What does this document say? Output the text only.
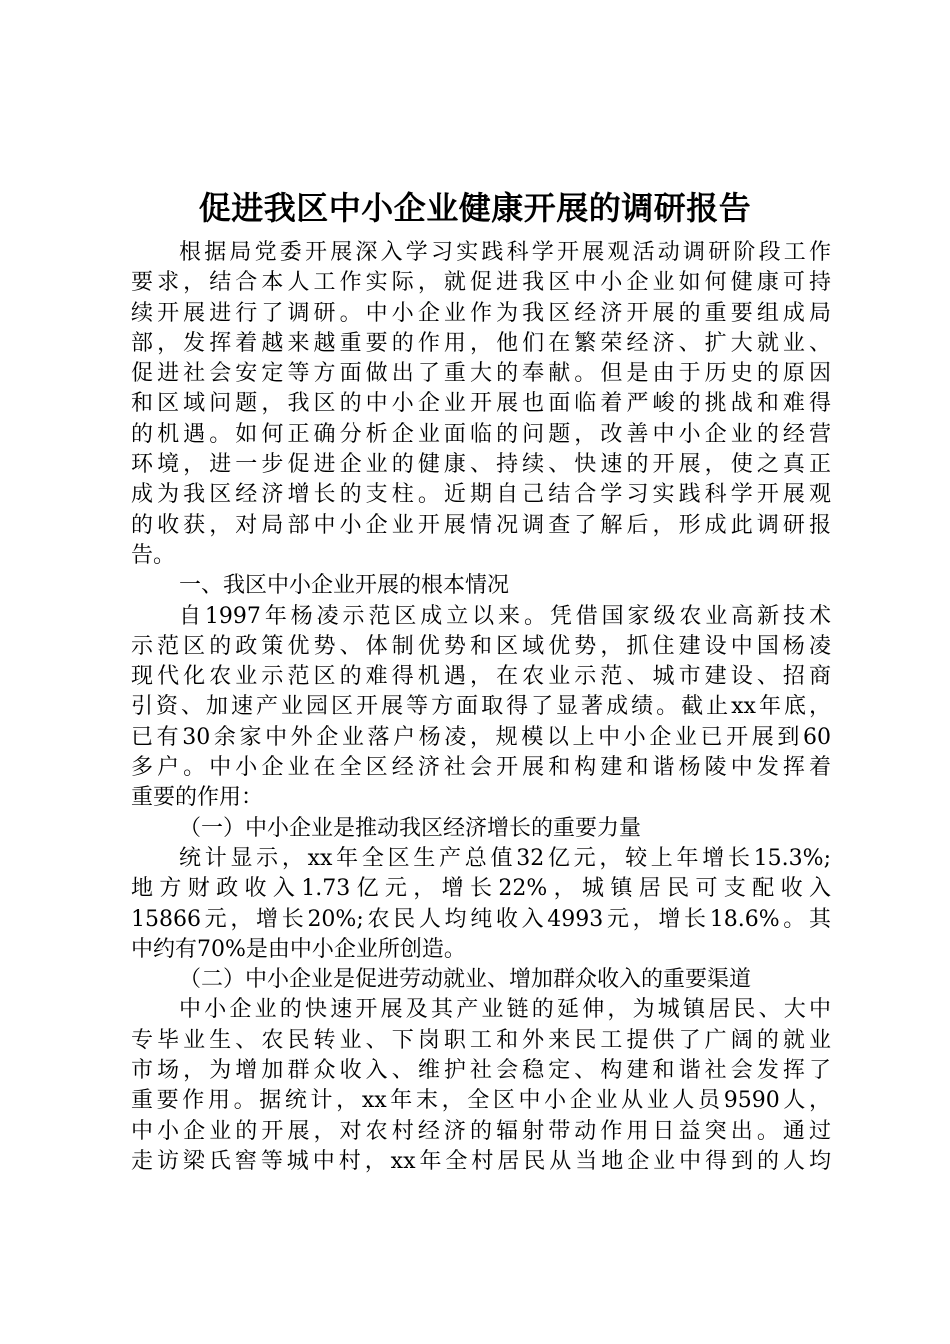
促进我区中小企业健康开展的调研报告
根据局党委开展深入学习实践科学开展观活动调研阶段工作
要求，结合本人工作实际，就促进我区中小企业如何健康可持
续开展进行了调研。中小企业作为我区经济开展的重要组成局
部，发挥着越来越重要的作用，他们在繁荣经济、扩大就业、
促进社会安定等方面做出了重大的奉献。但是由于历史的原因
和区域问题，我区的中小企业开展也面临着严峻的挑战和难得
的机遇。如何正确分析企业面临的问题，改善中小企业的经营
环境，进一步促进企业的健康、持续、快速的开展，使之真正
成为我区经济增长的支柱。近期自己结合学习实践科学开展观
的收获，对局部中小企业开展情况调查了解后，形成此调研报
告。
一、我区中小企业开展的根本情况
自1997年杨凌示范区成立以来。凭借国家级农业高新技术
示范区的政策优势、体制优势和区域优势，抓住建设中国杨凌
现代化农业示范区的难得机遇，在农业示范、城市建设、招商
引资、加速产业园区开展等方面取得了显著成绩。截止xx年底，
已有30余家中外企业落户杨凌，规模以上中小企业已开展到60
多户。中小企业在全区经济社会开展和构建和谐杨陵中发挥着
重要的作用：
（一）中小企业是推动我区经济增长的重要力量
统计显示，xx年全区生产总值32亿元，较上年增长15.3%;
地方财政收入1.73亿元，增长22%，城镇居民可支配收入
15866元，增长20%;农民人均纯收入4993元，增长18.6%。其
中约有70%是由中小企业所创造。
（二）中小企业是促进劳动就业、增加群众收入的重要渠道
中小企业的快速开展及其产业链的延伸，为城镇居民、大中
专毕业生、农民转业、下岗职工和外来民工提供了广阔的就业
市场，为增加群众收入、维护社会稳定、构建和谐社会发挥了
重要作用。据统计，xx年末，全区中小企业从业人员9590人，
中小企业的开展，对农村经济的辐射带动作用日益突出。通过
走访梁氏窖等城中村，xx年全村居民从当地企业中得到的人均
